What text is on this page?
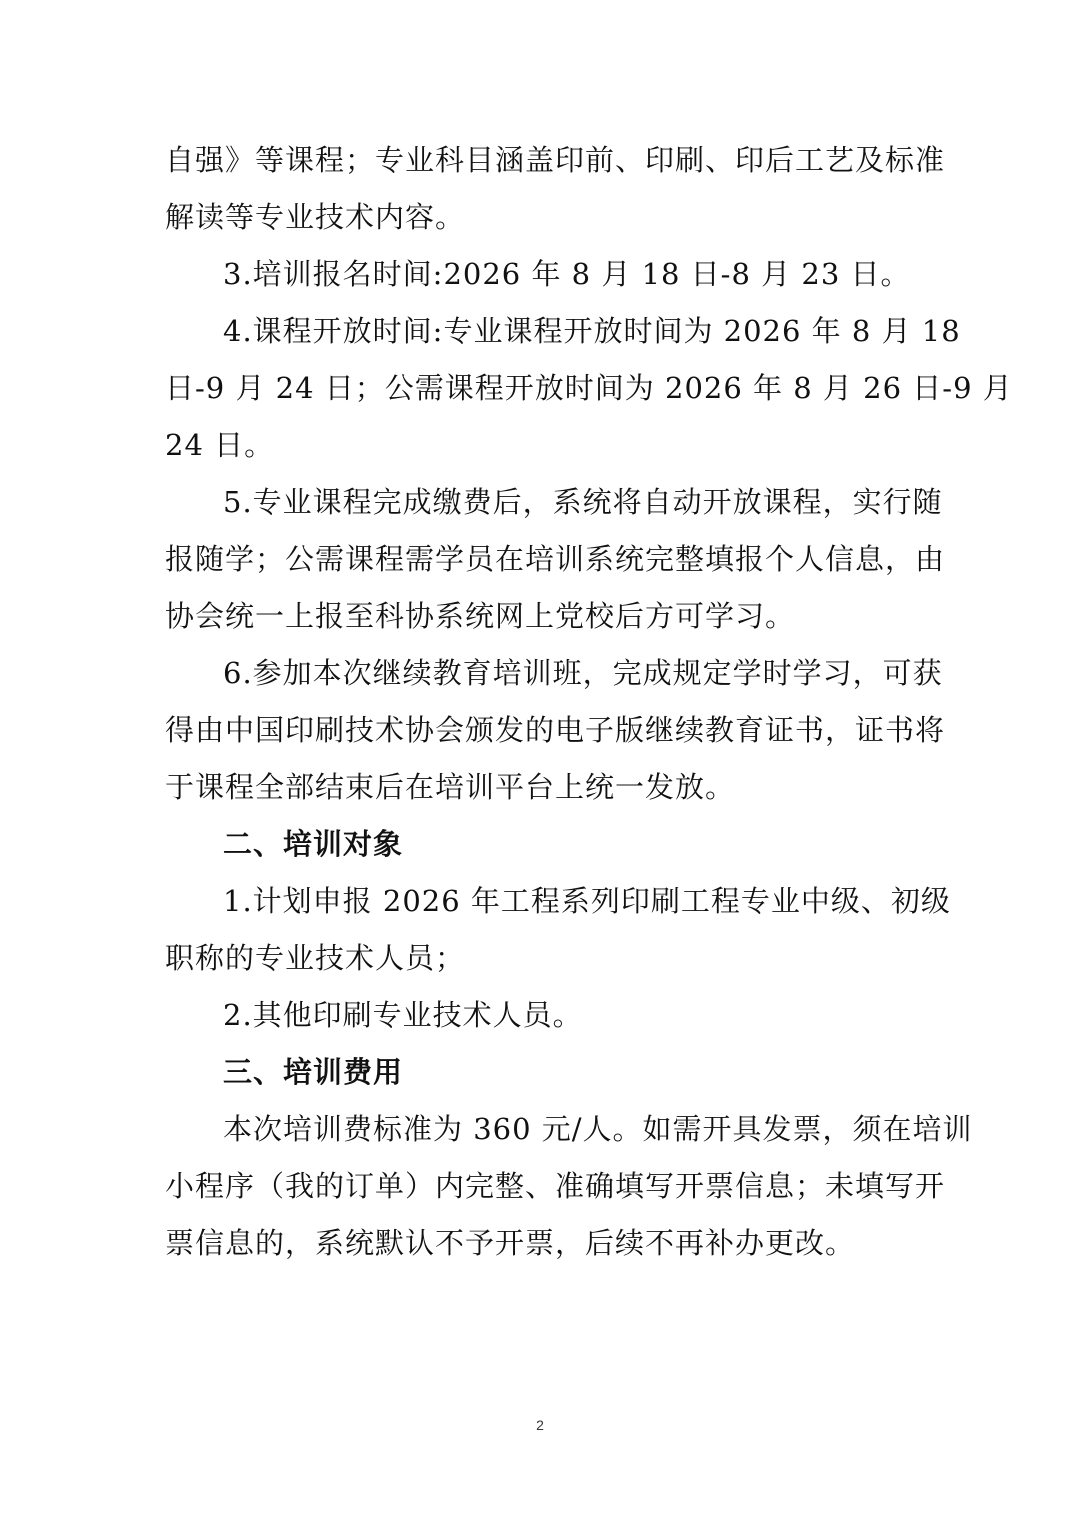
自强》等课程；专业科目涵盖印前、印刷、印后工艺及标准
解读等专业技术内容。
3.培训报名时间:2026 年 8 月 18 日-8 月 23 日。
4.课程开放时间:专业课程开放时间为 2026 年 8 月 18
日-9 月 24 日；公需课程开放时间为 2026 年 8 月 26 日-9 月
24 日。
5.专业课程完成缴费后，系统将自动开放课程，实行随
报随学；公需课程需学员在培训系统完整填报个人信息，由
协会统一上报至科协系统网上党校后方可学习。
6.参加本次继续教育培训班，完成规定学时学习，可获
得由中国印刷技术协会颁发的电子版继续教育证书，证书将
于课程全部结束后在培训平台上统一发放。
二、培训对象
1.计划申报 2026 年工程系列印刷工程专业中级、初级
职称的专业技术人员；
2.其他印刷专业技术人员。
三、培训费用
本次培训费标准为 360 元/人。如需开具发票，须在培训
小程序（我的订单）内完整、准确填写开票信息；未填写开
票信息的，系统默认不予开票，后续不再补办更改。
2
